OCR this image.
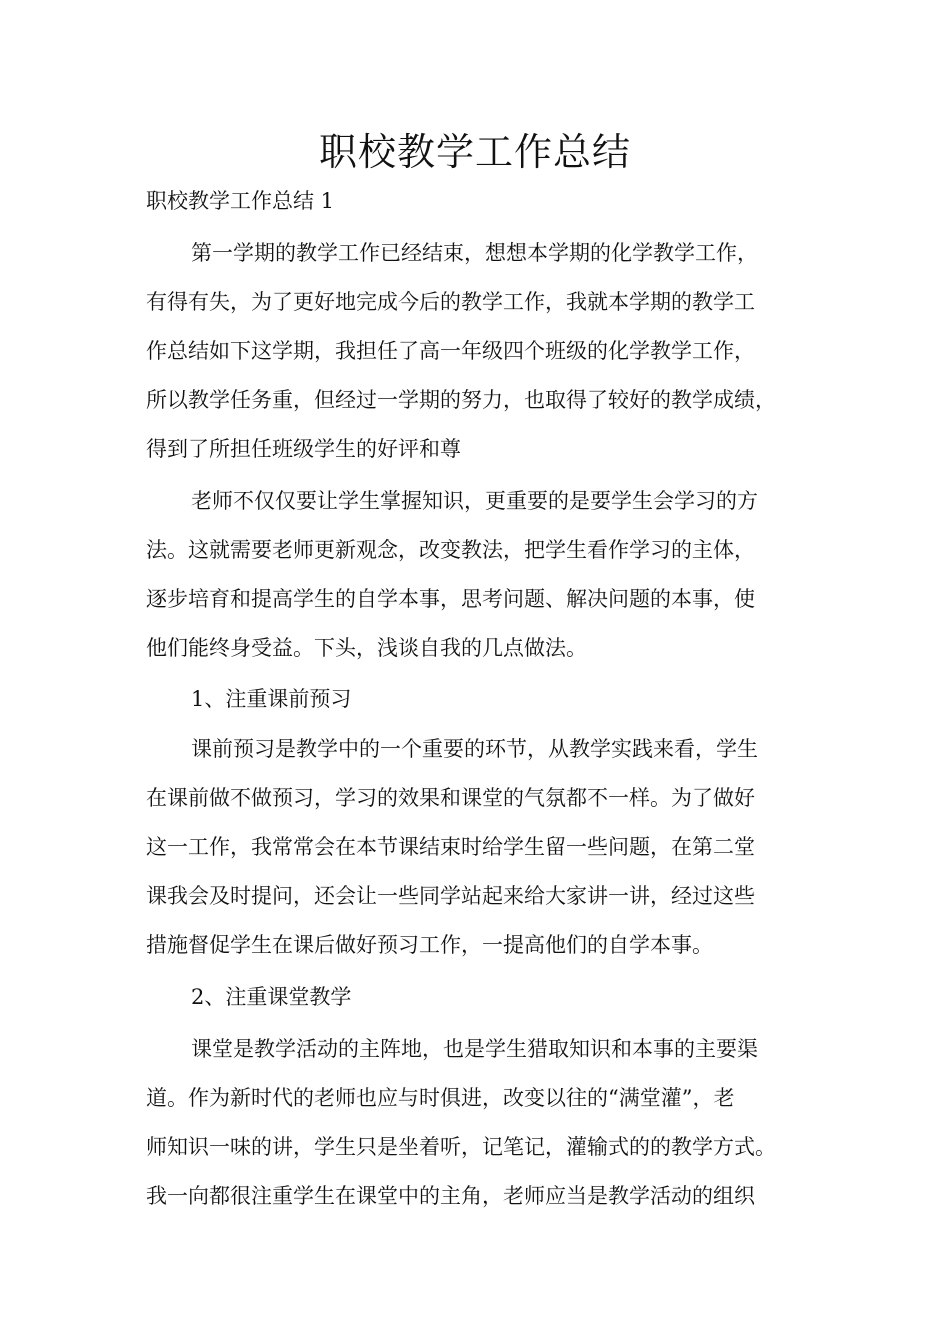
职校教学工作总结

职校教学工作总结 1

第一学期的教学工作已经结束，想想本学期的化学教学工作，

有得有失，为了更好地完成今后的教学工作，我就本学期的教学工

作总结如下这学期，我担任了高一年级四个班级的化学教学工作，

所以教学任务重，但经过一学期的努力，也取得了较好的教学成绩，

得到了所担任班级学生的好评和尊

老师不仅仅要让学生掌握知识，更重要的是要学生会学习的方

法。这就需要老师更新观念，改变教法，把学生看作学习的主体，

逐步培育和提高学生的自学本事，思考问题、解决问题的本事，使

他们能终身受益。下头，浅谈自我的几点做法。

1、注重课前预习

课前预习是教学中的一个重要的环节，从教学实践来看，学生

在课前做不做预习，学习的效果和课堂的气氛都不一样。为了做好

这一工作，我常常会在本节课结束时给学生留一些问题，在第二堂

课我会及时提问，还会让一些同学站起来给大家讲一讲，经过这些

措施督促学生在课后做好预习工作，一提高他们的自学本事。

2、注重课堂教学

课堂是教学活动的主阵地，也是学生猎取知识和本事的主要渠

道。作为新时代的老师也应与时俱进，改变以往的“满堂灌”，老

师知识一味的讲，学生只是坐着听，记笔记，灌输式的的教学方式。

我一向都很注重学生在课堂中的主角，老师应当是教学活动的组织
